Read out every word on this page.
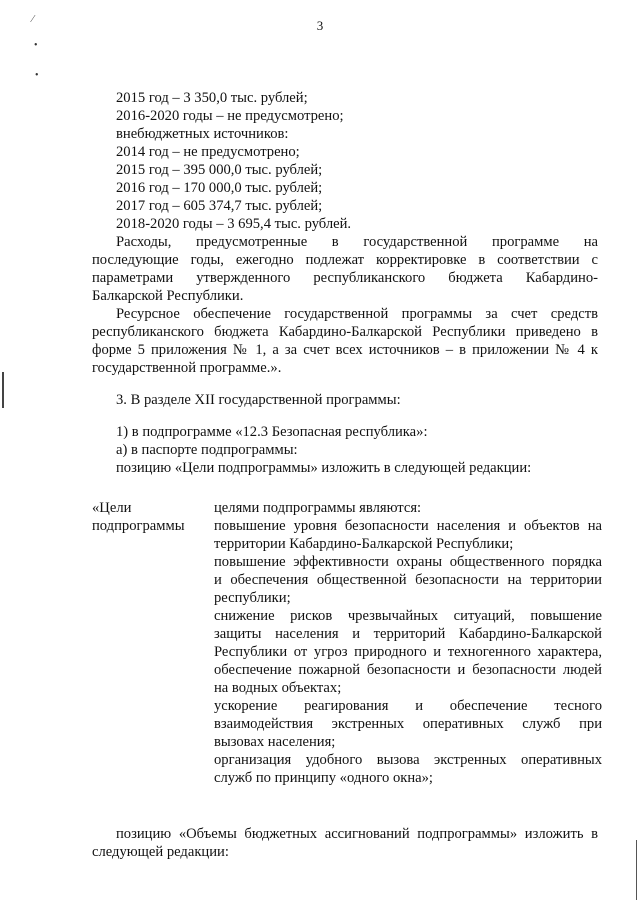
⁄
•
•
3
2015 год – 3 350,0 тыс. рублей;
2016-2020 годы – не предусмотрено;
внебюджетных источников:
2014 год – не предусмотрено;
2015 год – 395 000,0 тыс. рублей;
2016 год – 170 000,0 тыс. рублей;
2017 год – 605 374,7 тыс. рублей;
2018-2020 годы – 3 695,4 тыс. рублей.
Расходы, предусмотренные в государственной программе на
последующие годы, ежегодно подлежат корректировке в соответствии с
параметрами утвержденного республиканского бюджета Кабардино-
Балкарской Республики.
Ресурсное обеспечение государственной программы за счет средств
республиканского бюджета Кабардино-Балкарской Республики приведено в
форме 5 приложения № 1, а за счет всех источников – в приложении № 4 к
государственной программе.».
3. В разделе XII государственной программы:
1) в подпрограмме «12.3 Безопасная республика»:
а) в паспорте подпрограммы:
позицию «Цели подпрограммы» изложить в следующей редакции:
«Цели
подпрограммы
целями подпрограммы являются:
повышение уровня безопасности населения и объектов на
территории Кабардино-Балкарской Республики;
повышение эффективности охраны общественного порядка
и обеспечения общественной безопасности на территории
республики;
снижение рисков чрезвычайных ситуаций, повышение
защиты населения и территорий Кабардино-Балкарской
Республики от угроз природного и техногенного характера,
обеспечение пожарной безопасности и безопасности людей
на водных объектах;
ускорение реагирования и обеспечение тесного
взаимодействия экстренных оперативных служб при
вызовах населения;
организация удобного вызова экстренных оперативных
служб по принципу «одного окна»;
позицию «Объемы бюджетных ассигнований подпрограммы» изложить в
следующей редакции:
